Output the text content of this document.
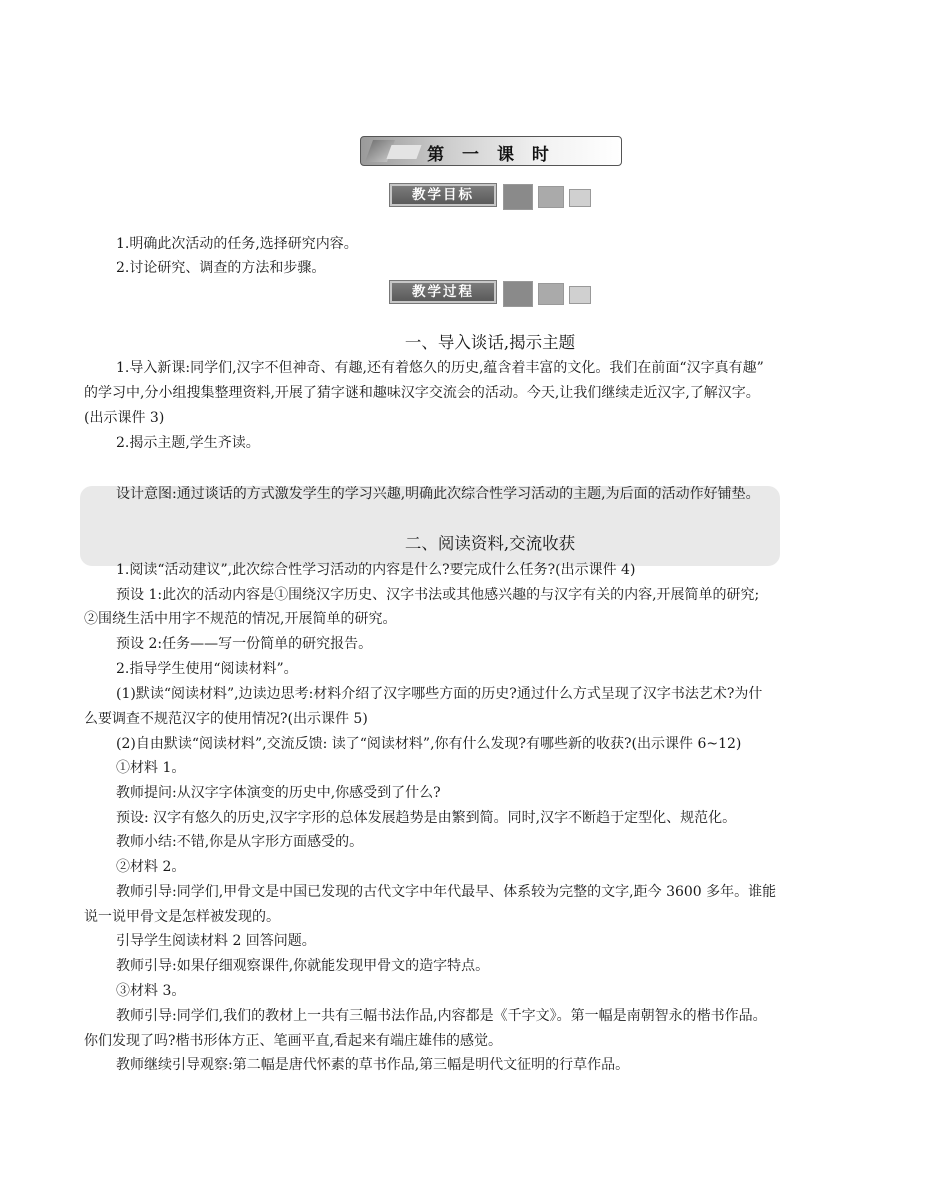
第 一 课 时
教学目标
1.明确此次活动的任务,选择研究内容。
2.讨论研究、调查的方法和步骤。
教学过程
一、导入谈话,揭示主题
1.导入新课:同学们,汉字不但神奇、有趣,还有着悠久的历史,蕴含着丰富的文化。我们在前面“汉字真有趣”
的学习中,分小组搜集整理资料,开展了猜字谜和趣味汉字交流会的活动。今天,让我们继续走近汉字,了解汉字。
(出示课件 3)
2.揭示主题,学生齐读。
设计意图:通过谈话的方式激发学生的学习兴趣,明确此次综合性学习活动的主题,为后面的活动作好铺垫。
二、阅读资料,交流收获
1.阅读“活动建议”,此次综合性学习活动的内容是什么?要完成什么任务?(出示课件 4)
预设 1:此次的活动内容是①围绕汉字历史、汉字书法或其他感兴趣的与汉字有关的内容,开展简单的研究;
②围绕生活中用字不规范的情况,开展简单的研究。
预设 2:任务——写一份简单的研究报告。
2.指导学生使用“阅读材料”。
(1)默读“阅读材料”,边读边思考:材料介绍了汉字哪些方面的历史?通过什么方式呈现了汉字书法艺术?为什
么要调查不规范汉字的使用情况?(出示课件 5)
(2)自由默读“阅读材料”,交流反馈: 读了“阅读材料”,你有什么发现?有哪些新的收获?(出示课件 6~12)
①材料 1。
教师提问:从汉字字体演变的历史中,你感受到了什么?
预设: 汉字有悠久的历史,汉字字形的总体发展趋势是由繁到简。同时,汉字不断趋于定型化、规范化。
教师小结:不错,你是从字形方面感受的。
②材料 2。
教师引导:同学们,甲骨文是中国已发现的古代文字中年代最早、体系较为完整的文字,距今 3600 多年。谁能
说一说甲骨文是怎样被发现的。
引导学生阅读材料 2 回答问题。
教师引导:如果仔细观察课件,你就能发现甲骨文的造字特点。
③材料 3。
教师引导:同学们,我们的教材上一共有三幅书法作品,内容都是《千字文》。第一幅是南朝智永的楷书作品。
你们发现了吗?楷书形体方正、笔画平直,看起来有端庄雄伟的感觉。
教师继续引导观察:第二幅是唐代怀素的草书作品,第三幅是明代文征明的行草作品。
